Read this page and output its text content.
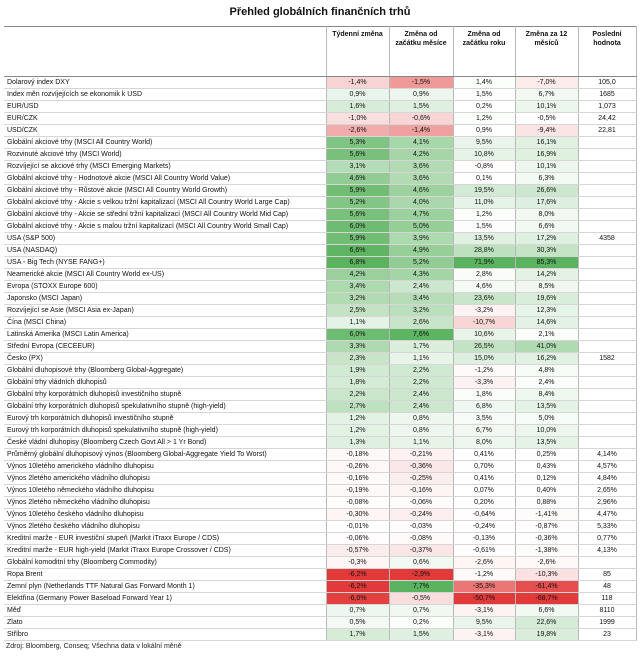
Přehled globálních finančních trhů
	Týdenní změna	Změna od začátku měsíce	Změna od začátku roku	Změna za 12 měsíců	Poslední hodnota
Dolarový index DXY	-1,4%	-1,5%	1,4%	-7,0%	105,0
Index měn rozvíjejících se ekonomik k USD	0,9%	0,9%	1,5%	6,7%	1685
EUR/USD	1,6%	1,5%	0,2%	10,1%	1,073
EUR/CZK	-1,0%	-0,6%	1,2%	-0,5%	24,42
USD/CZK	-2,6%	-1,4%	0,9%	-9,4%	22,81
Globální akciové trhy (MSCI All Country World)	5,3%	4,1%	9,5%	16,1%	
Rozvinuté akciové trhy (MSCI World)	5,6%	4,2%	10,8%	16,9%	
Rozvíjející se akciové trhy (MSCI Emerging Markets)	3,1%	3,6%	-0,8%	10,1%	
Globální akciové trhy - Hodnotové akcie (MSCI All Country World Value)	4,6%	3,6%	0,1%	6,3%	
Globální akciové trhy - Růstové akcie (MSCI All Country World Growth)	5,9%	4,6%	19,5%	26,6%	
Globální akciové trhy - Akcie s velkou tržní kapitalizací (MSCI All Country World Large Cap)	5,2%	4,0%	11,0%	17,6%	
Globální akciové trhy - Akcie se střední tržní kapitalizací (MSCI All Country World Mid Cap)	5,6%	4,7%	1,2%	8,0%	
Globální akciové trhy - Akcie s malou tržní kapitalizací (MSCI All Country World Small Cap)	6,0%	5,0%	1,5%	6,6%	
USA (S&P 500)	5,9%	3,9%	13,5%	17,2%	4358
USA (NASDAQ)	6,6%	4,9%	28,8%	30,3%	
USA - Big Tech (NYSE FANG+)	6,8%	5,2%	71,9%	85,3%	
Neamerické akcie (MSCI All Country World ex-US)	4,2%	4,3%	2,8%	14,2%	
Evropa (STOXX Europe 600)	3,4%	2,4%	4,6%	8,5%	
Japonsko (MSCI Japan)	3,2%	3,4%	23,6%	19,6%	
Rozvíjející se Asie (MSCI Asia ex-Japan)	2,5%	3,2%	-3,2%	12,3%	
Čína (MSCI China)	1,1%	2,6%	-10,7%	14,6%	
Latinská Amerika (MSCI Latin America)	6,0%	7,6%	10,6%	2,1%	
Střední Evropa (CECEEUR)	3,3%	1,7%	26,5%	41,0%	
Česko (PX)	2,3%	1,1%	15,0%	16,2%	1582
Globální dluhopisové trhy (Bloomberg Global-Aggregate)	1,9%	2,2%	-1,2%	4,8%	
Globální trhy vládních dluhopisů	1,8%	2,2%	-3,3%	2,4%	
Globální trhy korporátních dluhopisů investičního stupně	2,2%	2,4%	1,8%	8,4%	
Globální trhy korporátních dluhopisů spekulativního stupně (high-yield)	2,7%	2,4%	6,8%	13,5%	
Eurový trh korporátních dluhopisů investičního stupně	1,2%	0,8%	3,5%	5,0%	
Eurový trh korporátních dluhopisů spekulativního stupně (high-yield)	1,2%	0,8%	6,7%	10,0%	
České vládní dluhopisy (Bloomberg Czech Govt All > 1 Yr Bond)	1,3%	1,1%	8,0%	13,5%	
Průměrný globální dluhopisový výnos (Bloomberg Global-Aggregate Yield To Worst)	-0,18%	-0,21%	0,41%	0,25%	4,14%
Výnos 10letého amerického vládního dluhopisu	-0,26%	-0,36%	0,70%	0,43%	4,57%
Výnos 2letého amerického vládního dluhopisu	-0,16%	-0,25%	0,41%	0,12%	4,84%
Výnos 10letého německého vládního dluhopisu	-0,19%	-0,16%	0,07%	0,40%	2,65%
Výnos 2letého německého vládního dluhopisu	-0,08%	-0,06%	0,20%	0,88%	2,96%
Výnos 10letého českého vládního dluhopisu	-0,30%	-0,24%	-0,64%	-1,41%	4,47%
Výnos 2letého českého vládního dluhopisu	-0,01%	-0,03%	-0,24%	-0,87%	5,33%
Kreditní marže - EUR investiční stupeň (Markit iTraxx Europe / CDS)	-0,06%	-0,08%	-0,13%	-0,36%	0,77%
Kreditní marže - EUR high-yield (Markit iTraxx Europe Crossover / CDS)	-0,57%	-0,37%	-0,61%	-1,38%	4,13%
Globální komoditní trhy (Bloomberg Commodity)	-0,3%	0,6%	-2,6%	-2,6%	
Ropa Brent	-6,2%	-2,9%	-1,2%	-10,3%	85
Zemní plyn (Netherlands TTF Natural Gas Forward Month 1)	-6,2%	7,7%	-35,3%	-61,4%	48
Elektřina (Germany Power Baseload Forward Year 1)	-6,0%	-0,5%	-50,7%	-68,7%	118
Měď	0,7%	0,7%	-3,1%	6,6%	8110
Zlato	0,5%	0,2%	9,5%	22,6%	1999
Stříbro	1,7%	1,5%	-3,1%	19,8%	23
Zdroj: Bloomberg, Conseq; Všechna data v lokální měně
